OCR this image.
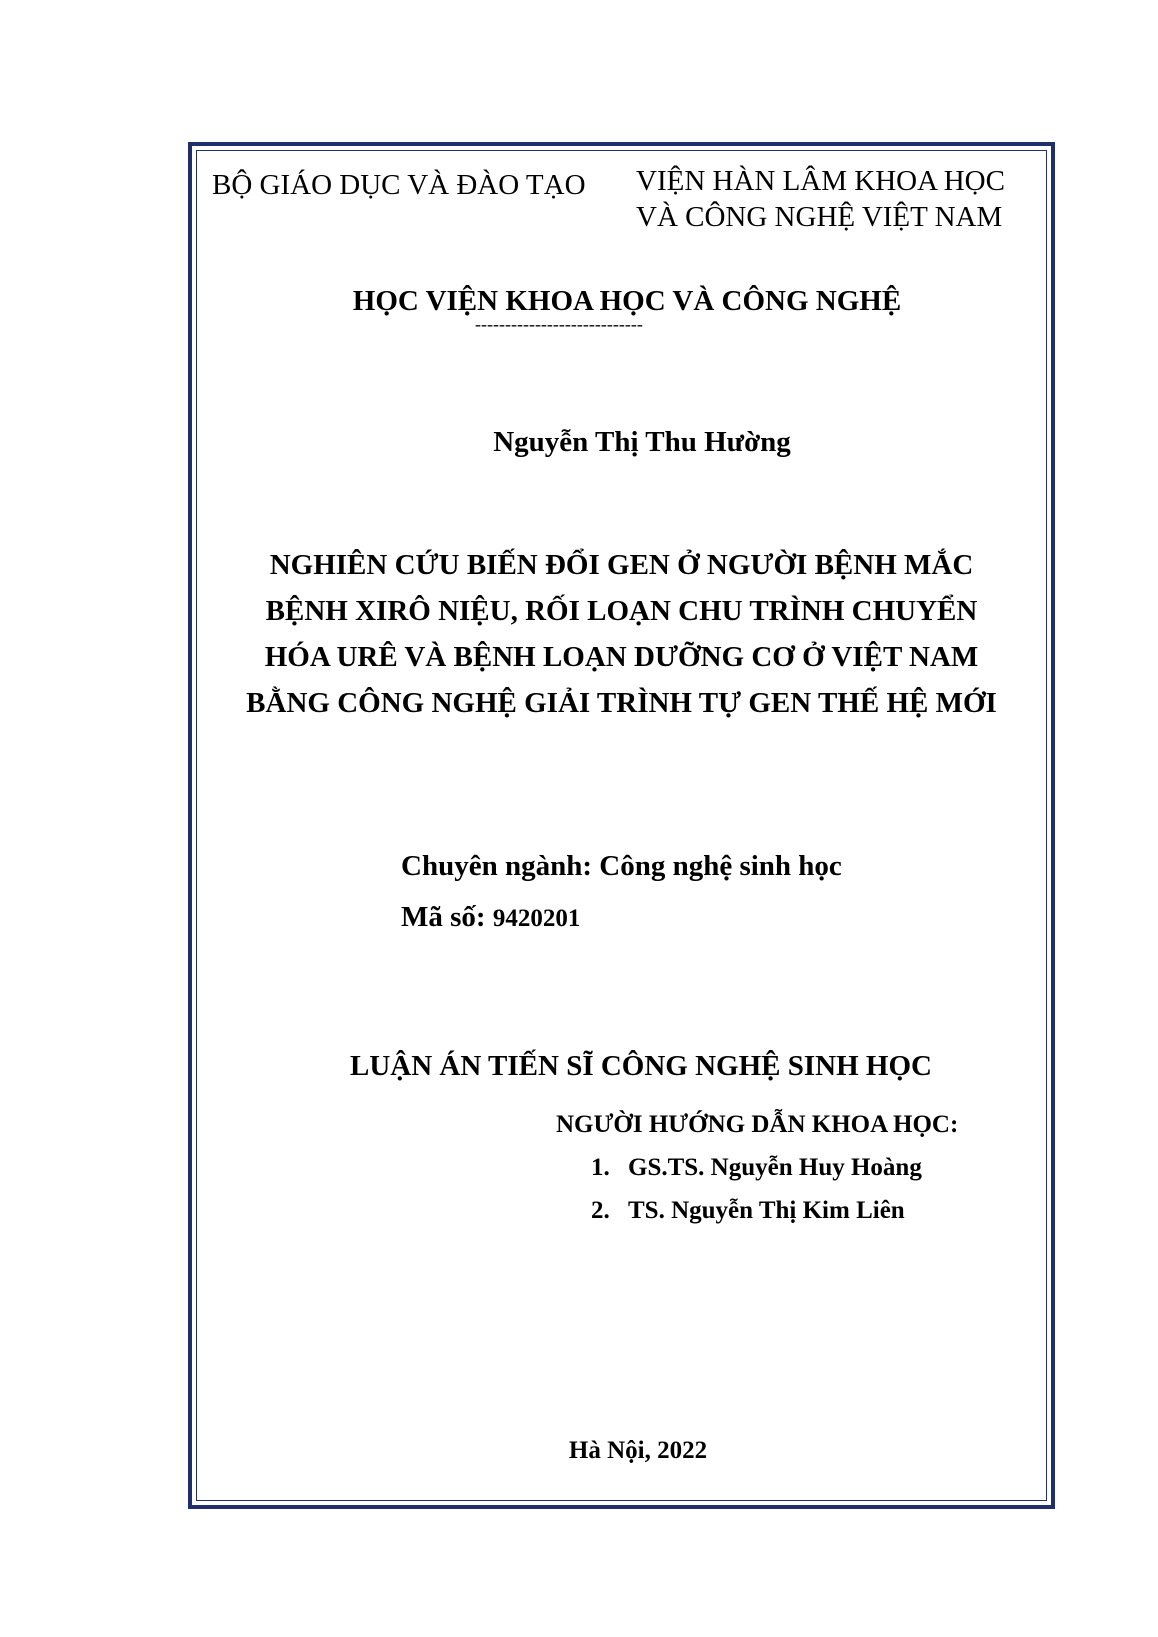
BỘ GIÁO DỤC VÀ ĐÀO TẠO VIỆN HÀN LÂM KHOA HỌC
VÀ CÔNG NGHỆ VIỆT NAM
HỌC VIỆN KHOA HỌC VÀ CÔNG NGHỆ
----------------------------
Nguyễn Thị Thu Hường
NGHIÊN CỨU BIẾN ĐỔI GEN Ở NGƯỜI BỆNH MẮC
BỆNH XIRÔ NIỆU, RỐI LOẠN CHU TRÌNH CHUYỂN
HÓA URÊ VÀ BỆNH LOẠN DƯỠNG CƠ Ở VIỆT NAM
BẰNG CÔNG NGHỆ GIẢI TRÌNH TỰ GEN THẾ HỆ MỚI
Chuyên ngành: Công nghệ sinh học
Mã số: 9420201
LUẬN ÁN TIẾN SĨ CÔNG NGHỆ SINH HỌC
NGƯỜI HƯỚNG DẪN KHOA HỌC:
1. GS.TS. Nguyễn Huy Hoàng
2. TS. Nguyễn Thị Kim Liên
Hà Nội, 2022
